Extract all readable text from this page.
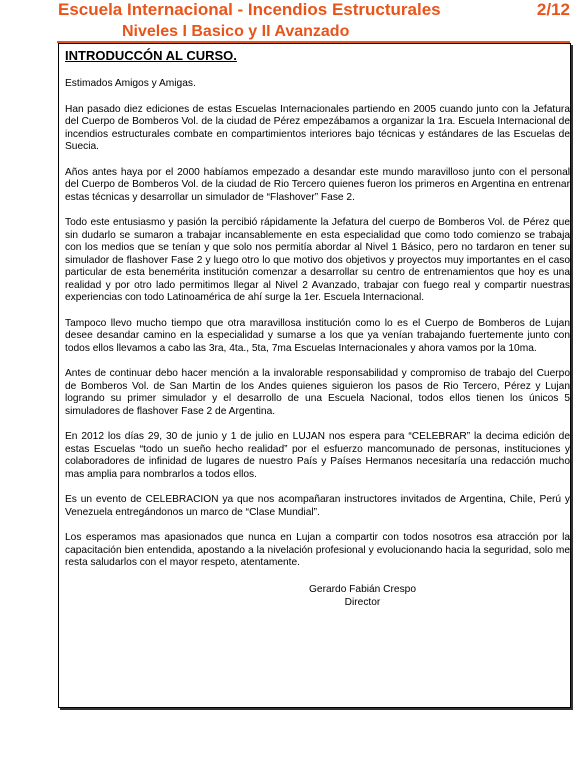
Escuela Internacional - Incendios Estructurales	2/12
Niveles I Basico y II Avanzado
INTRODUCCÓN AL CURSO.

Estimados Amigos y Amigas.

Han pasado diez ediciones de estas Escuelas Internacionales partiendo en 2005 cuando junto con la Jefatura del Cuerpo de Bomberos Vol. de la ciudad de Pérez empezábamos a organizar la 1ra. Escuela Internacional de incendios estructurales combate en compartimientos interiores bajo técnicas y estándares de las Escuelas de Suecia.

Años antes haya por el 2000 habíamos empezado a desandar este mundo maravilloso junto con el personal del Cuerpo de Bomberos Vol. de la ciudad de Rio Tercero quienes fueron los primeros en Argentina en entrenar estas técnicas y desarrollar un simulador de “Flashover” Fase 2.

Todo este entusiasmo y pasión la percibió rápidamente la Jefatura del cuerpo de Bomberos Vol. de Pérez que sin dudarlo se sumaron a trabajar incansablemente en esta especialidad que como todo comienzo se trabaja con los medios que se tenían y que solo nos permitía abordar al Nivel 1 Básico, pero no tardaron en tener su simulador de flashover Fase 2 y luego otro lo que motivo dos objetivos y proyectos muy importantes en el caso particular de esta benemérita institución comenzar a desarrollar su centro de entrenamientos que hoy es una realidad y por otro lado permitimos llegar al Nivel 2 Avanzado, trabajar con fuego real y compartir nuestras experiencias con todo Latinoamérica de ahí surge la 1er. Escuela Internacional.

Tampoco llevo mucho tiempo que otra maravillosa institución como lo es el Cuerpo de Bomberos de Lujan desee desandar camino en la especialidad y sumarse a los que ya venían trabajando fuertemente junto con todos ellos llevamos a cabo las 3ra, 4ta., 5ta, 7ma Escuelas Internacionales y ahora vamos por la 10ma.

Antes de continuar debo hacer mención a la invalorable responsabilidad y compromiso de trabajo del Cuerpo de Bomberos Vol. de San Martin de los Andes quienes siguieron los pasos de Rio Tercero, Pérez y Lujan logrando su primer simulador y el desarrollo de una Escuela Nacional, todos ellos tienen los únicos 5 simuladores de flashover Fase 2 de Argentina.

En 2012 los días 29, 30 de junio y 1 de julio en LUJAN nos espera para “CELEBRAR” la decima edición de estas Escuelas “todo un sueño hecho realidad” por el esfuerzo mancomunado de personas, instituciones y colaboradores de infinidad de lugares de nuestro País y Países Hermanos necesitaría una redacción mucho mas amplia para nombrarlos a todos ellos.

Es un evento de CELEBRACION ya que nos acompañaran instructores invitados de Argentina, Chile, Perú y Venezuela entregándonos un marco de “Clase Mundial”.

Los esperamos mas apasionados que nunca en Lujan a compartir con todos nosotros esa atracción por la capacitación bien entendida, apostando a la nivelación profesional y evolucionando hacia la seguridad, solo me resta saludarlos con el mayor respeto, atentamente.

Gerardo Fabián Crespo
Director
